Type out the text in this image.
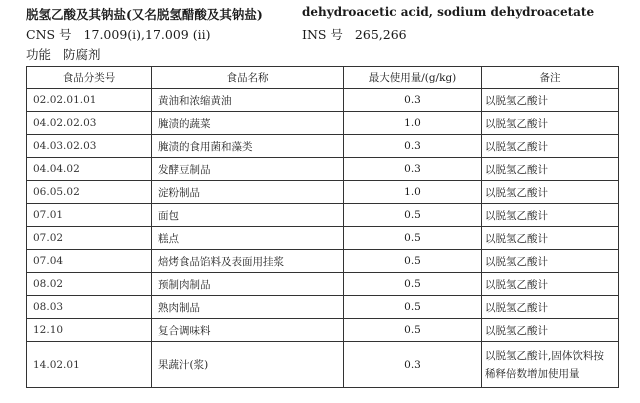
脱氢乙酸及其钠盐(又名脱氢醋酸及其钠盐)	dehydroacetic acid, sodium dehydroacetate
CNS 号 17.009(i),17.009 (ii)	INS 号 265,266
功能 防腐剂
食品分类号	食品名称	最大使用量/(g/kg)	备注
02.02.01.01	黄油和浓缩黄油	0.3	以脱氢乙酸计
04.02.02.03	腌渍的蔬菜	1.0	以脱氢乙酸计
04.03.02.03	腌渍的食用菌和藻类	0.3	以脱氢乙酸计
04.04.02	发酵豆制品	0.3	以脱氢乙酸计
06.05.02	淀粉制品	1.0	以脱氢乙酸计
07.01	面包	0.5	以脱氢乙酸计
07.02	糕点	0.5	以脱氢乙酸计
07.04	焙烤食品馅料及表面用挂浆	0.5	以脱氢乙酸计
08.02	预制肉制品	0.5	以脱氢乙酸计
08.03	熟肉制品	0.5	以脱氢乙酸计
12.10	复合调味料	0.5	以脱氢乙酸计
14.02.01	果蔬汁(浆)	0.3	以脱氢乙酸计,固体饮料按稀释倍数增加使用量
